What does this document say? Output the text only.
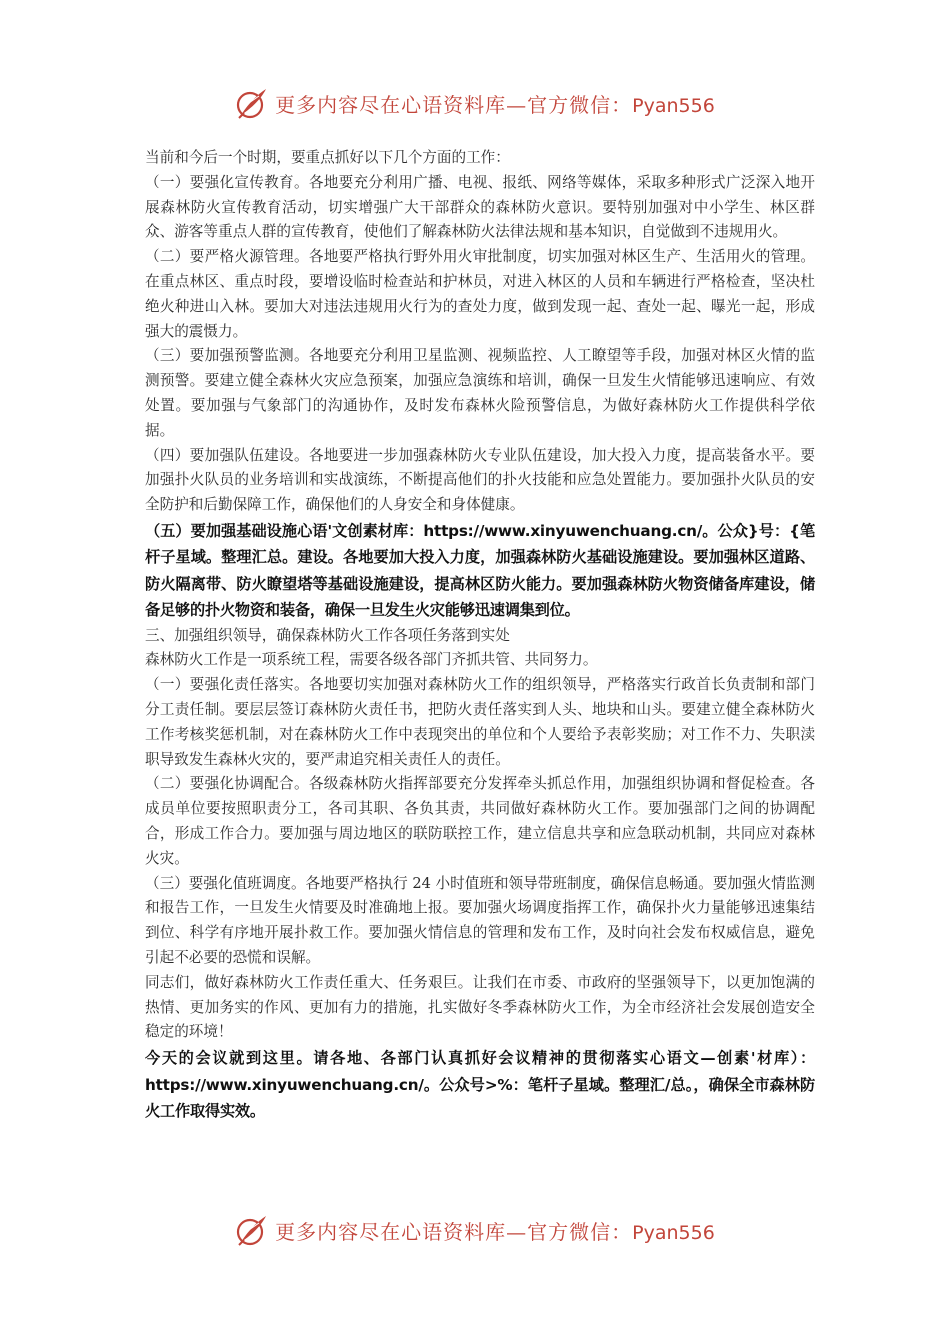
更多内容尽在心语资料库—官方微信：Pyan556

当前和今后一个时期，要重点抓好以下几个方面的工作：

（一）要强化宣传教育。各地要充分利用广播、电视、报纸、网络等媒体，采取多种形式广泛深入地开展森林防火宣传教育活动，切实增强广大干部群众的森林防火意识。要特别加强对中小学生、林区群众、游客等重点人群的宣传教育，使他们了解森林防火法律法规和基本知识，自觉做到不违规用火。

（二）要严格火源管理。各地要严格执行野外用火审批制度，切实加强对林区生产、生活用火的管理。在重点林区、重点时段，要增设临时检查站和护林员，对进入林区的人员和车辆进行严格检查，坚决杜绝火种进山入林。要加大对违法违规用火行为的查处力度，做到发现一起、查处一起、曝光一起，形成强大的震慑力。

（三）要加强预警监测。各地要充分利用卫星监测、视频监控、人工瞭望等手段，加强对林区火情的监测预警。要建立健全森林火灾应急预案，加强应急演练和培训，确保一旦发生火情能够迅速响应、有效处置。要加强与气象部门的沟通协作，及时发布森林火险预警信息，为做好森林防火工作提供科学依据。

（四）要加强队伍建设。各地要进一步加强森林防火专业队伍建设，加大投入力度，提高装备水平。要加强扑火队员的业务培训和实战演练，不断提高他们的扑火技能和应急处置能力。要加强扑火队员的安全防护和后勤保障工作，确保他们的人身安全和身体健康。

（五）要加强基础设施心语'文创素材库：https://www.xinyuwenchuang.cn/。公众}号：{笔杆子星域。整理汇总。建设。各地要加大投入力度，加强森林防火基础设施建设。要加强林区道路、防火隔离带、防火瞭望塔等基础设施建设，提高林区防火能力。要加强森林防火物资储备库建设，储备足够的扑火物资和装备，确保一旦发生火灾能够迅速调集到位。

三、加强组织领导，确保森林防火工作各项任务落到实处

森林防火工作是一项系统工程，需要各级各部门齐抓共管、共同努力。

（一）要强化责任落实。各地要切实加强对森林防火工作的组织领导，严格落实行政首长负责制和部门分工责任制。要层层签订森林防火责任书，把防火责任落实到人头、地块和山头。要建立健全森林防火工作考核奖惩机制，对在森林防火工作中表现突出的单位和个人要给予表彰奖励；对工作不力、失职渎职导致发生森林火灾的，要严肃追究相关责任人的责任。

（二）要强化协调配合。各级森林防火指挥部要充分发挥牵头抓总作用，加强组织协调和督促检查。各成员单位要按照职责分工，各司其职、各负其责，共同做好森林防火工作。要加强部门之间的协调配合，形成工作合力。要加强与周边地区的联防联控工作，建立信息共享和应急联动机制，共同应对森林火灾。

（三）要强化值班调度。各地要严格执行 24 小时值班和领导带班制度，确保信息畅通。要加强火情监测和报告工作，一旦发生火情要及时准确地上报。要加强火场调度指挥工作，确保扑火力量能够迅速集结到位、科学有序地开展扑救工作。要加强火情信息的管理和发布工作，及时向社会发布权威信息，避免引起不必要的恐慌和误解。

同志们，做好森林防火工作责任重大、任务艰巨。让我们在市委、市政府的坚强领导下，以更加饱满的热情、更加务实的作风、更加有力的措施，扎实做好冬季森林防火工作，为全市经济社会发展创造安全稳定的环境！

今天的会议就到这里。请各地、各部门认真抓好会议精神的贯彻落实心语文—创素'材库）：https://www.xinyuwenchuang.cn/。公众号>%：笔杆子星域。整理汇/总。，确保全市森林防火工作取得实效。

更多内容尽在心语资料库—官方微信：Pyan556
